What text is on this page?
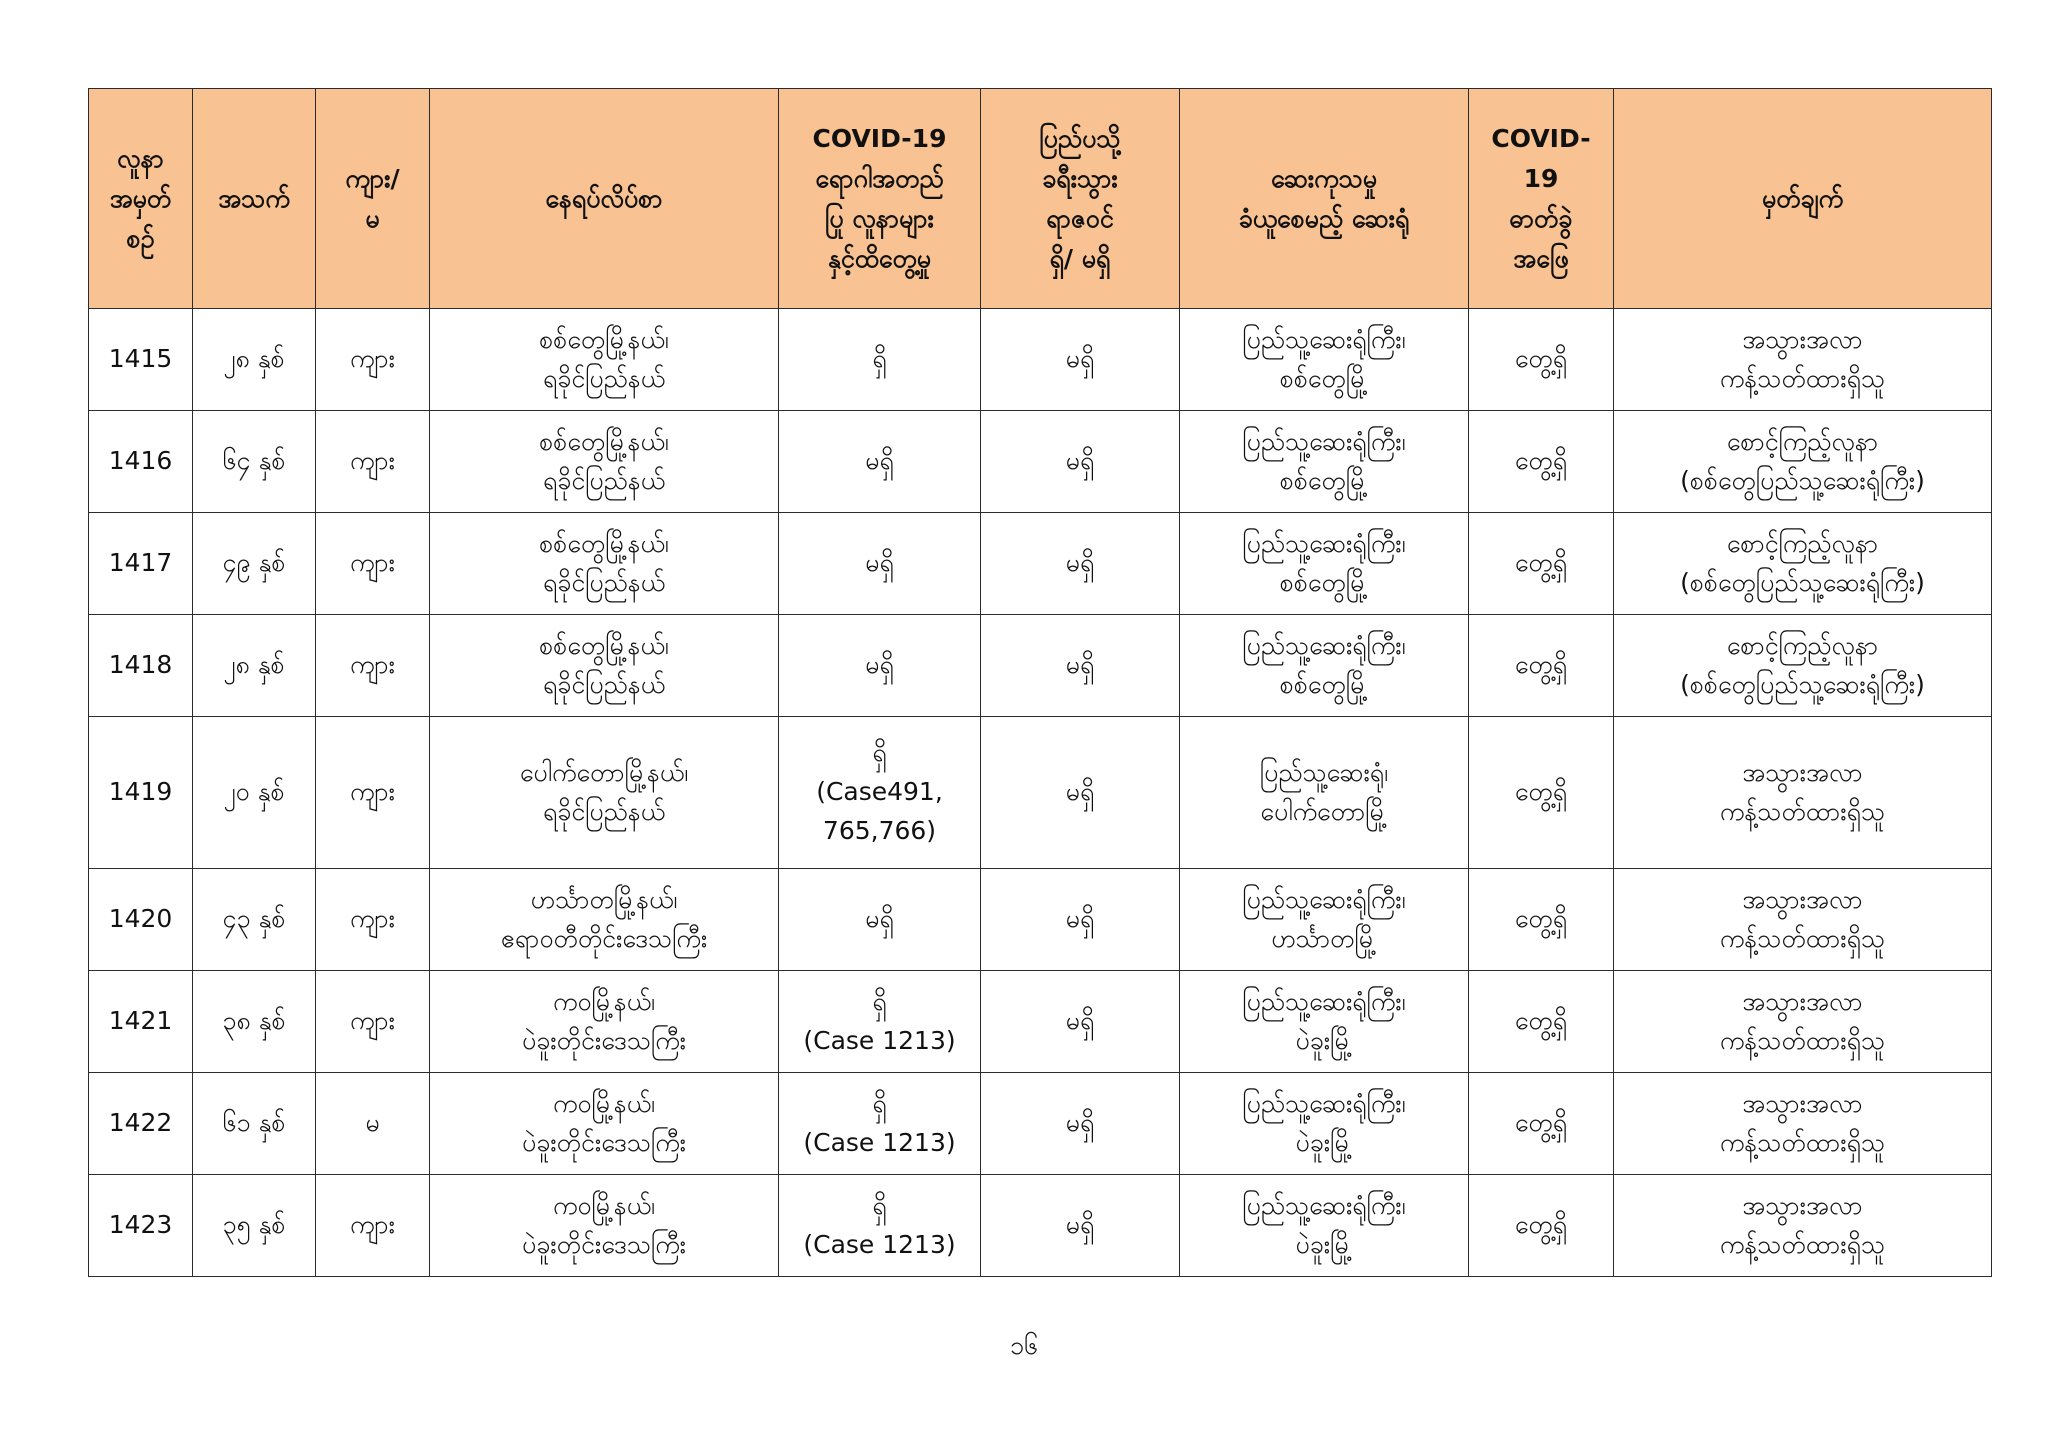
လူနာ
အမှတ်
စဉ်	အသက်	ကျား/
မ	နေရပ်လိပ်စာ	COVID-19
ရောဂါအတည်
ပြု လူနာများ
နှင့်ထိတွေ့မှု	ပြည်ပသို့
ခရီးသွား
ရာဇဝင်
ရှိ/ မရှိ	ဆေးကုသမှု
ခံယူစေမည့် ဆေးရုံ	COVID-
19
ဓာတ်ခွဲ
အဖြေ	မှတ်ချက်
1415	၂၈ နှစ်	ကျား	စစ်တွေမြို့နယ်၊
ရခိုင်ပြည်နယ်	ရှိ	မရှိ	ပြည်သူ့ဆေးရုံကြီး၊
စစ်တွေမြို့	တွေ့ရှိ	အသွားအလာ
ကန့်သတ်ထားရှိသူ
1416	၆၄ နှစ်	ကျား	စစ်တွေမြို့နယ်၊
ရခိုင်ပြည်နယ်	မရှိ	မရှိ	ပြည်သူ့ဆေးရုံကြီး၊
စစ်တွေမြို့	တွေ့ရှိ	စောင့်ကြည့်လူနာ
(စစ်တွေပြည်သူ့ဆေးရုံကြီး)
1417	၄၉ နှစ်	ကျား	စစ်တွေမြို့နယ်၊
ရခိုင်ပြည်နယ်	မရှိ	မရှိ	ပြည်သူ့ဆေးရုံကြီး၊
စစ်တွေမြို့	တွေ့ရှိ	စောင့်ကြည့်လူနာ
(စစ်တွေပြည်သူ့ဆေးရုံကြီး)
1418	၂၈ နှစ်	ကျား	စစ်တွေမြို့နယ်၊
ရခိုင်ပြည်နယ်	မရှိ	မရှိ	ပြည်သူ့ဆေးရုံကြီး၊
စစ်တွေမြို့	တွေ့ရှိ	စောင့်ကြည့်လူနာ
(စစ်တွေပြည်သူ့ဆေးရုံကြီး)
1419	၂၀ နှစ်	ကျား	ပေါက်တောမြို့နယ်၊
ရခိုင်ပြည်နယ်	ရှိ
(Case491,
765,766)	မရှိ	ပြည်သူ့ဆေးရုံ၊
ပေါက်တောမြို့	တွေ့ရှိ	အသွားအလာ
ကန့်သတ်ထားရှိသူ
1420	၄၃ နှစ်	ကျား	ဟင်္သာတမြို့နယ်၊
ဧရာဝတီတိုင်းဒေသကြီး	မရှိ	မရှိ	ပြည်သူ့ဆေးရုံကြီး၊
ဟင်္သာတမြို့	တွေ့ရှိ	အသွားအလာ
ကန့်သတ်ထားရှိသူ
1421	၃၈ နှစ်	ကျား	ကဝမြို့နယ်၊
ပဲခူးတိုင်းဒေသကြီး	ရှိ
(Case 1213)	မရှိ	ပြည်သူ့ဆေးရုံကြီး၊
ပဲခူးမြို့	တွေ့ရှိ	အသွားအလာ
ကန့်သတ်ထားရှိသူ
1422	၆၁ နှစ်	မ	ကဝမြို့နယ်၊
ပဲခူးတိုင်းဒေသကြီး	ရှိ
(Case 1213)	မရှိ	ပြည်သူ့ဆေးရုံကြီး၊
ပဲခူးမြို့	တွေ့ရှိ	အသွားအလာ
ကန့်သတ်ထားရှိသူ
1423	၃၅ နှစ်	ကျား	ကဝမြို့နယ်၊
ပဲခူးတိုင်းဒေသကြီး	ရှိ
(Case 1213)	မရှိ	ပြည်သူ့ဆေးရုံကြီး၊
ပဲခူးမြို့	တွေ့ရှိ	အသွားအလာ
ကန့်သတ်ထားရှိသူ
၁၆
